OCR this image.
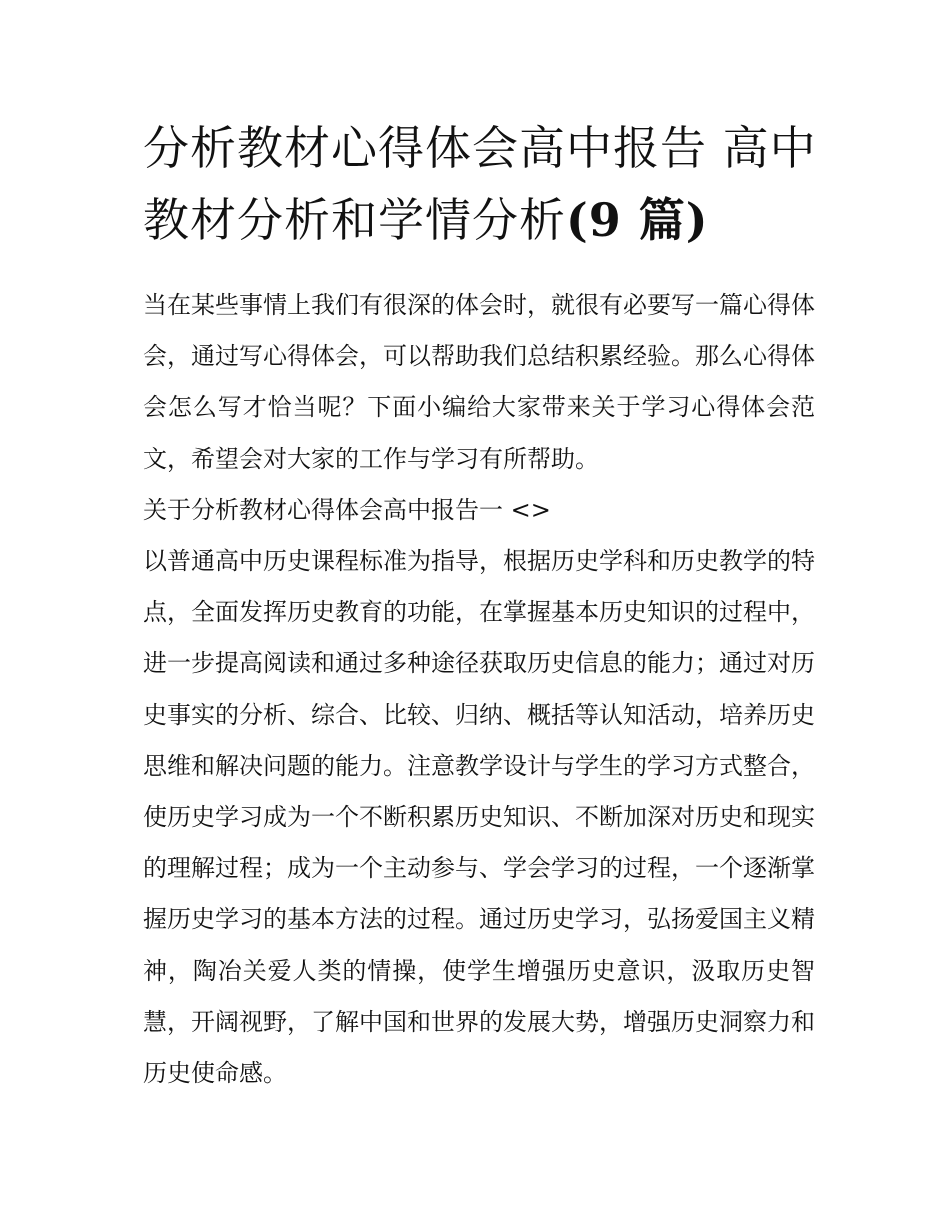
分析教材心得体会高中报告 高中教材分析和学情分析(9 篇)

当在某些事情上我们有很深的体会时，就很有必要写一篇心得体会，通过写心得体会，可以帮助我们总结积累经验。那么心得体会怎么写才恰当呢？下面小编给大家带来关于学习心得体会范文，希望会对大家的工作与学习有所帮助。

关于分析教材心得体会高中报告一 <>

以普通高中历史课程标准为指导，根据历史学科和历史教学的特点，全面发挥历史教育的功能，在掌握基本历史知识的过程中，进一步提高阅读和通过多种途径获取历史信息的能力；通过对历史事实的分析、综合、比较、归纳、概括等认知活动，培养历史思维和解决问题的能力。注意教学设计与学生的学习方式整合，使历史学习成为一个不断积累历史知识、不断加深对历史和现实的理解过程；成为一个主动参与、学会学习的过程，一个逐渐掌握历史学习的基本方法的过程。通过历史学习，弘扬爱国主义精神，陶冶关爱人类的情操，使学生增强历史意识，汲取历史智慧，开阔视野，了解中国和世界的发展大势，增强历史洞察力和历史使命感。
